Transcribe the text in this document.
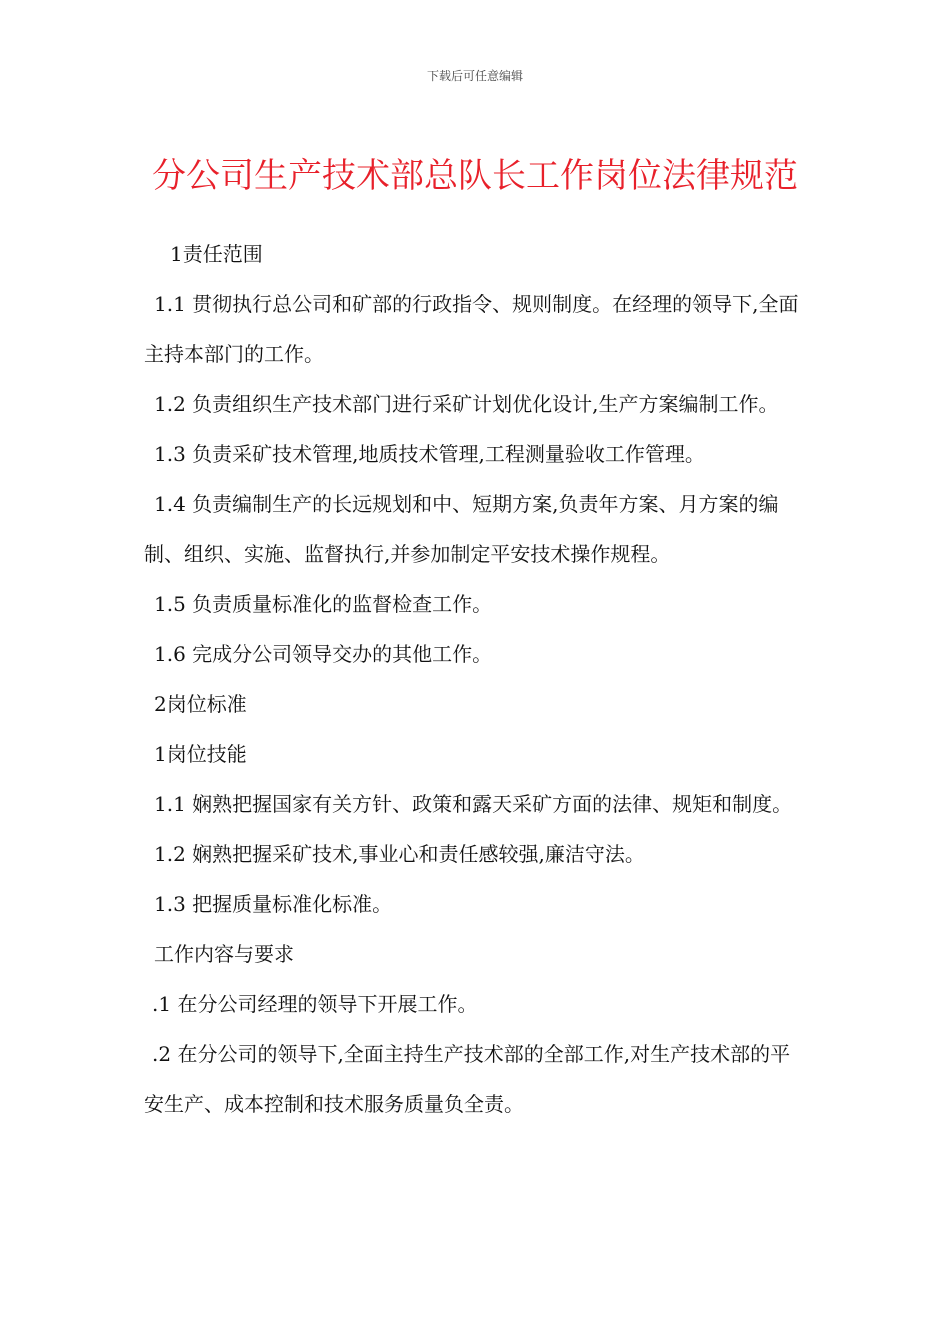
下载后可任意编辑
分公司生产技术部总队长工作岗位法律规范

1责任范围

1.1 贯彻执行总公司和矿部的行政指令、规则制度。在经理的领导下,全面主持本部门的工作。

1.2 负责组织生产技术部门进行采矿计划优化设计,生产方案编制工作。

1.3 负责采矿技术管理,地质技术管理,工程测量验收工作管理。

1.4 负责编制生产的长远规划和中、短期方案,负责年方案、月方案的编制、组织、实施、监督执行,并参加制定平安技术操作规程。

1.5 负责质量标准化的监督检查工作。

1.6 完成分公司领导交办的其他工作。

2岗位标准

1岗位技能

1.1 娴熟把握国家有关方针、政策和露天采矿方面的法律、规矩和制度。

1.2 娴熟把握采矿技术,事业心和责任感较强,廉洁守法。

1.3 把握质量标准化标准。

工作内容与要求

.1 在分公司经理的领导下开展工作。

.2 在分公司的领导下,全面主持生产技术部的全部工作,对生产技术部的平安生产、成本控制和技术服务质量负全责。
